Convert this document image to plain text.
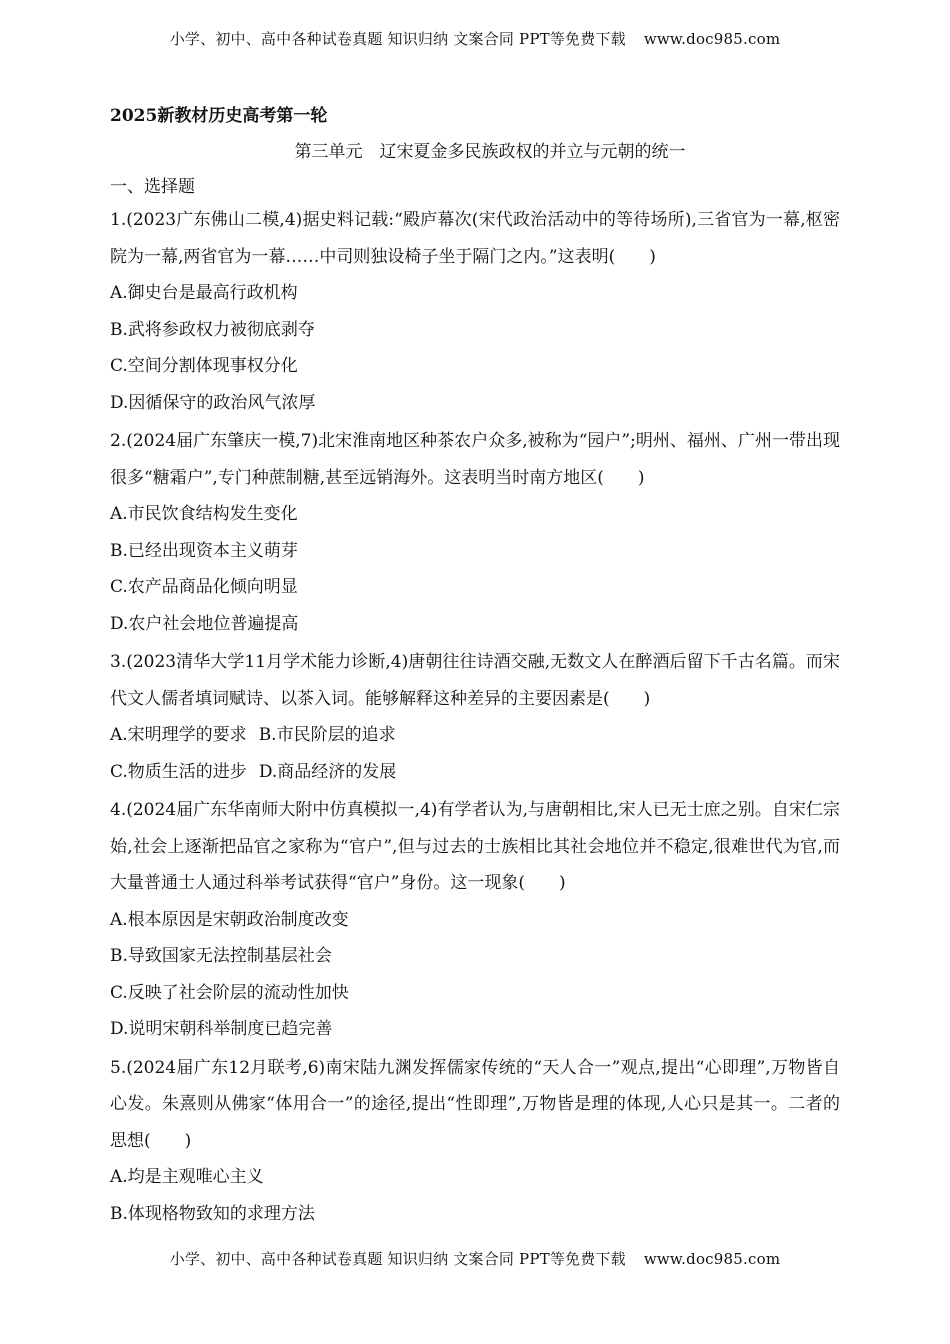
小学、初中、高中各种试卷真题 知识归纳 文案合同 PPT等免费下载 www.doc985.com

2025新教材历史高考第一轮

第三单元　辽宋夏金多民族政权的并立与元朝的统一

一、选择题

1.(2023广东佛山二模,4)据史料记载:“殿庐幕次(宋代政治活动中的等待场所),三省官为一幕,枢密院为一幕,两省官为一幕……中司则独设椅子坐于隔门之内。”这表明(　　)

A.御史台是最高行政机构

B.武将参政权力被彻底剥夺

C.空间分割体现事权分化

D.因循保守的政治风气浓厚

2.(2024届广东肇庆一模,7)北宋淮南地区种茶农户众多,被称为“园户”;明州、福州、广州一带出现很多“糖霜户”,专门种蔗制糖,甚至远销海外。这表明当时南方地区(　　)

A.市民饮食结构发生变化

B.已经出现资本主义萌芽

C.农产品商品化倾向明显

D.农户社会地位普遍提高

3.(2023清华大学11月学术能力诊断,4)唐朝往往诗酒交融,无数文人在醉酒后留下千古名篇。而宋代文人儒者填词赋诗、以茶入词。能够解释这种差异的主要因素是(　　)

A.宋明理学的要求 B.市民阶层的追求
C.物质生活的进步 D.商品经济的发展

4.(2024届广东华南师大附中仿真模拟一,4)有学者认为,与唐朝相比,宋人已无士庶之别。自宋仁宗始,社会上逐渐把品官之家称为“官户”,但与过去的士族相比其社会地位并不稳定,很难世代为官,而大量普通士人通过科举考试获得“官户”身份。这一现象(　　)

A.根本原因是宋朝政治制度改变

B.导致国家无法控制基层社会

C.反映了社会阶层的流动性加快

D.说明宋朝科举制度已趋完善

5.(2024届广东12月联考,6)南宋陆九渊发挥儒家传统的“天人合一”观点,提出“心即理”,万物皆自心发。朱熹则从佛家“体用合一”的途径,提出“性即理”,万物皆是理的体现,人心只是其一。二者的思想(　　)

A.均是主观唯心主义

B.体现格物致知的求理方法

小学、初中、高中各种试卷真题 知识归纳 文案合同 PPT等免费下载 www.doc985.com
